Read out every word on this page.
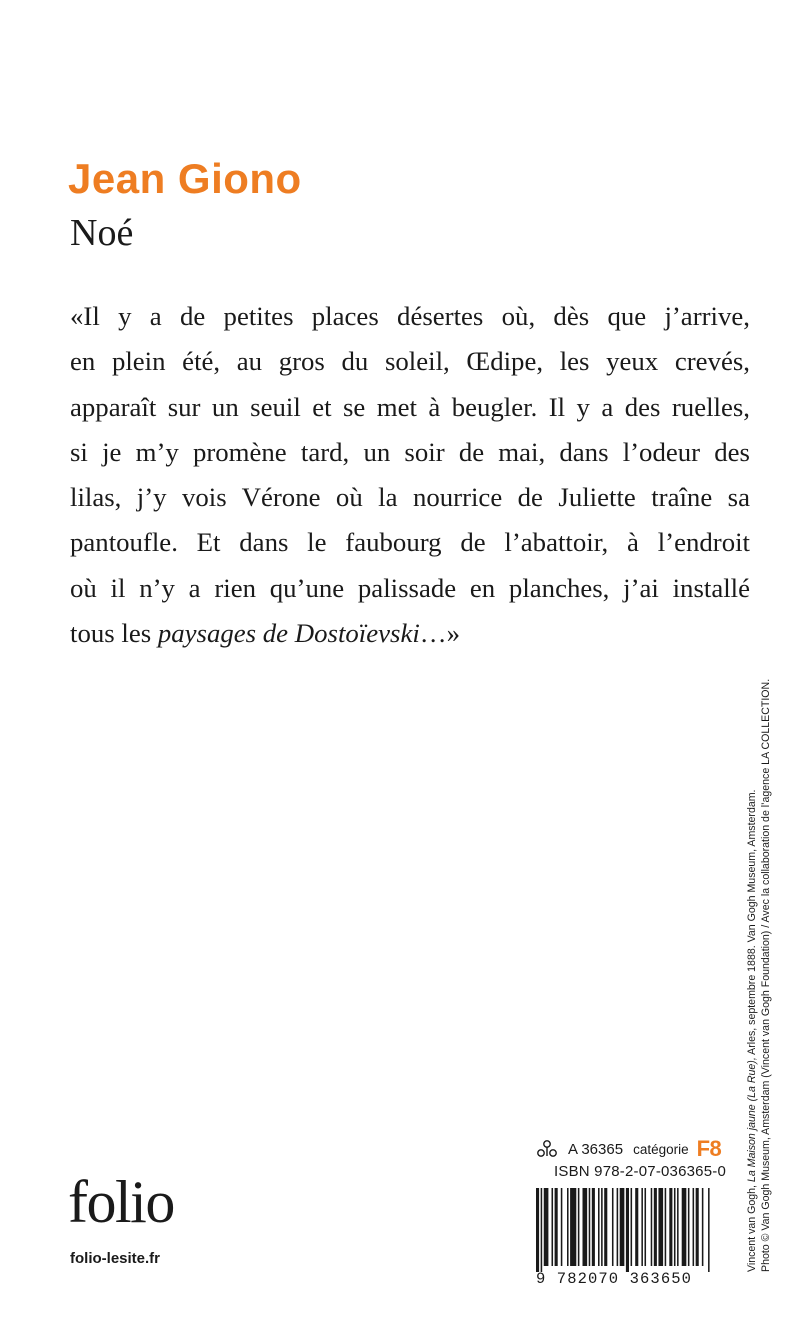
Jean Giono
Noé
«Il y a de petites places désertes où, dès que j’arrive,
en plein été, au gros du soleil, Œdipe, les yeux crevés,
apparaît sur un seuil et se met à beugler. Il y a des ruelles,
si je m’y promène tard, un soir de mai, dans l’odeur des
lilas, j’y vois Vérone où la nourrice de Juliette traîne sa
pantoufle. Et dans le faubourg de l’abattoir, à l’endroit
où il n’y a rien qu’une palissade en planches, j’ai installé
tous les paysages de Dostoïevski…»
Vincent van Gogh, La Maison jaune (La Rue), Arles, septembre 1888. Van Gogh Museum, Amsterdam. Photo © Van Gogh Museum, Amsterdam (Vincent van Gogh Foundation) / Avec la collaboration de l’agence LA COLLECTION.
A 36365 catégorie F8
ISBN 978-2-07-036365-0
9 782070 363650
folio
folio-lesite.fr
